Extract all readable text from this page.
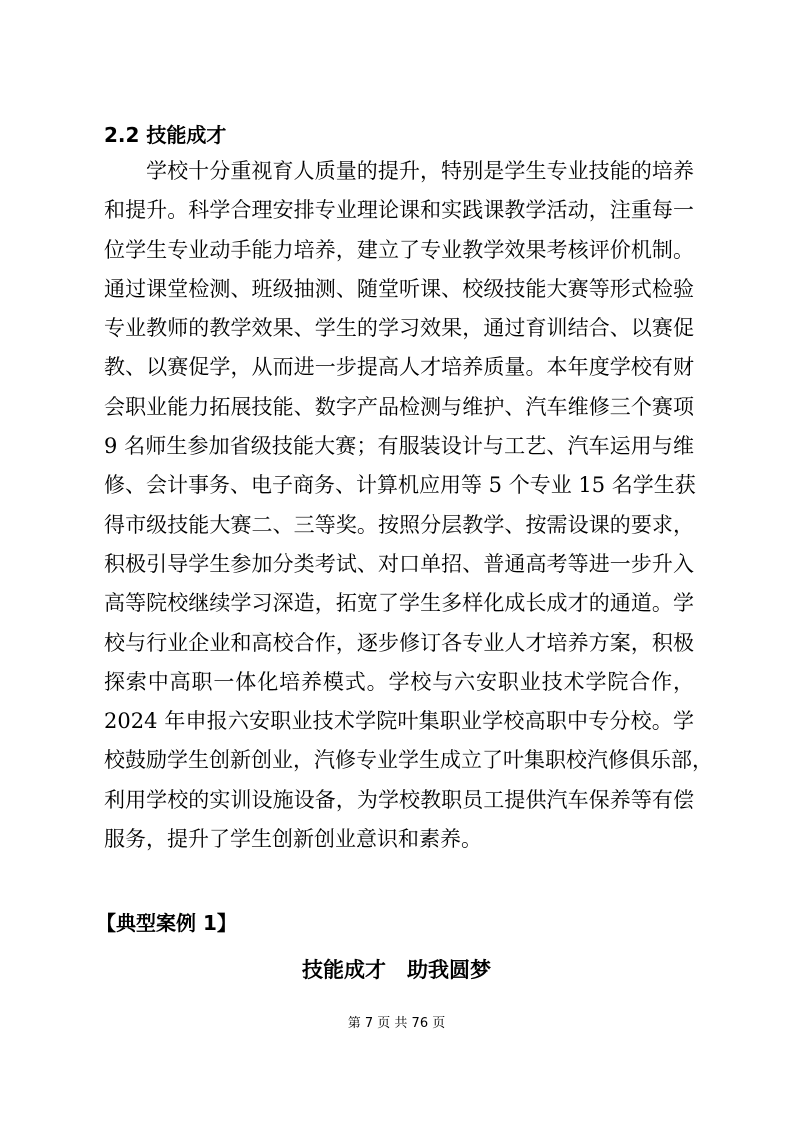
2.2 技能成才
学校十分重视育人质量的提升，特别是学生专业技能的培养
和提升。科学合理安排专业理论课和实践课教学活动，注重每一
位学生专业动手能力培养，建立了专业教学效果考核评价机制。
通过课堂检测、班级抽测、随堂听课、校级技能大赛等形式检验
专业教师的教学效果、学生的学习效果，通过育训结合、以赛促
教、以赛促学，从而进一步提高人才培养质量。本年度学校有财
会职业能力拓展技能、数字产品检测与维护、汽车维修三个赛项
9 名师生参加省级技能大赛；有服装设计与工艺、汽车运用与维
修、会计事务、电子商务、计算机应用等 5 个专业 15 名学生获
得市级技能大赛二、三等奖。按照分层教学、按需设课的要求，
积极引导学生参加分类考试、对口单招、普通高考等进一步升入
高等院校继续学习深造，拓宽了学生多样化成长成才的通道。学
校与行业企业和高校合作，逐步修订各专业人才培养方案，积极
探索中高职一体化培养模式。学校与六安职业技术学院合作，
2024 年申报六安职业技术学院叶集职业学校高职中专分校。学
校鼓励学生创新创业，汽修专业学生成立了叶集职校汽修俱乐部，
利用学校的实训设施设备，为学校教职员工提供汽车保养等有偿
服务，提升了学生创新创业意识和素养。

【典型案例 1】

技能成才　助我圆梦

第 7 页 共 76 页
